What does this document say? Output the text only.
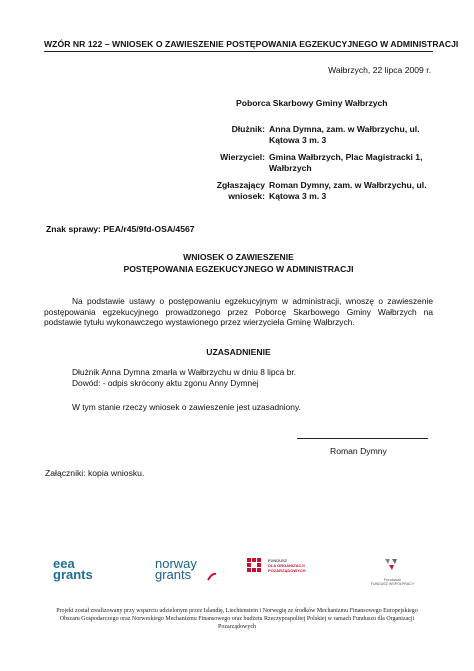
WZÓR NR 122 – WNIOSEK O ZAWIESZENIE POSTĘPOWANIA EGZEKUCYJNEGO W ADMINISTRACJI
Wałbrzych, 22 lipca 2009 r.
Poborca Skarbowy Gminy Wałbrzych
Dłużnik: Anna Dymna, zam. w Wałbrzychu, ul. Kątowa 3 m. 3
Wierzyciel: Gmina Wałbrzych, Plac Magistracki 1, Wałbrzych
Zgłaszający wniosek:
Roman Dymny, zam. w Wałbrzychu, ul. Kątowa 3 m. 3
Znak sprawy: PEA/r45/9fd-OSA/4567
WNIOSEK O ZAWIESZENIE
POSTĘPOWANIA EGZEKUCYJNEGO W ADMINISTRACJI
Na podstawie ustawy o postępowaniu egzekucyjnym w administracji, wnoszę o zawieszenie postępowania egzekucyjnego prowadzonego przez Poborcę Skarbowego Gminy Wałbrzych na podstawie tytułu wykonawczego wystawionego przez wierzyciela Gminę Wałbrzych.
UZASADNIENIE
Dłużnik Anna Dymna zmarła w Wałbrzychu w dniu 8 lipca br.
Dowód: - odpis skrócony aktu zgonu Anny Dymnej
W tym stanie rzeczy wniosek o zawieszenie jest uzasadniony.
Roman Dymny
Załączniki: kopia wniosku.
eea
grants
norway
grants
FUNDUSZ
DLA ORGANIZACJI
POZARZĄDOWYCH
Fundusze
FUNDUSZ WSPÓŁPRACY
Projekt został zrealizowany przy wsparciu udzielonym przez Islandię, Liechtenstein i Norwegię ze środków Mechanizmu Finansowego Europejskiego Obszaru Gospodarczego oraz Norweskiego Mechanizmu Finansowego oraz budżetu Rzeczypospolitej Polskiej w ramach Funduszu dla Organizacji Pozarządowych
